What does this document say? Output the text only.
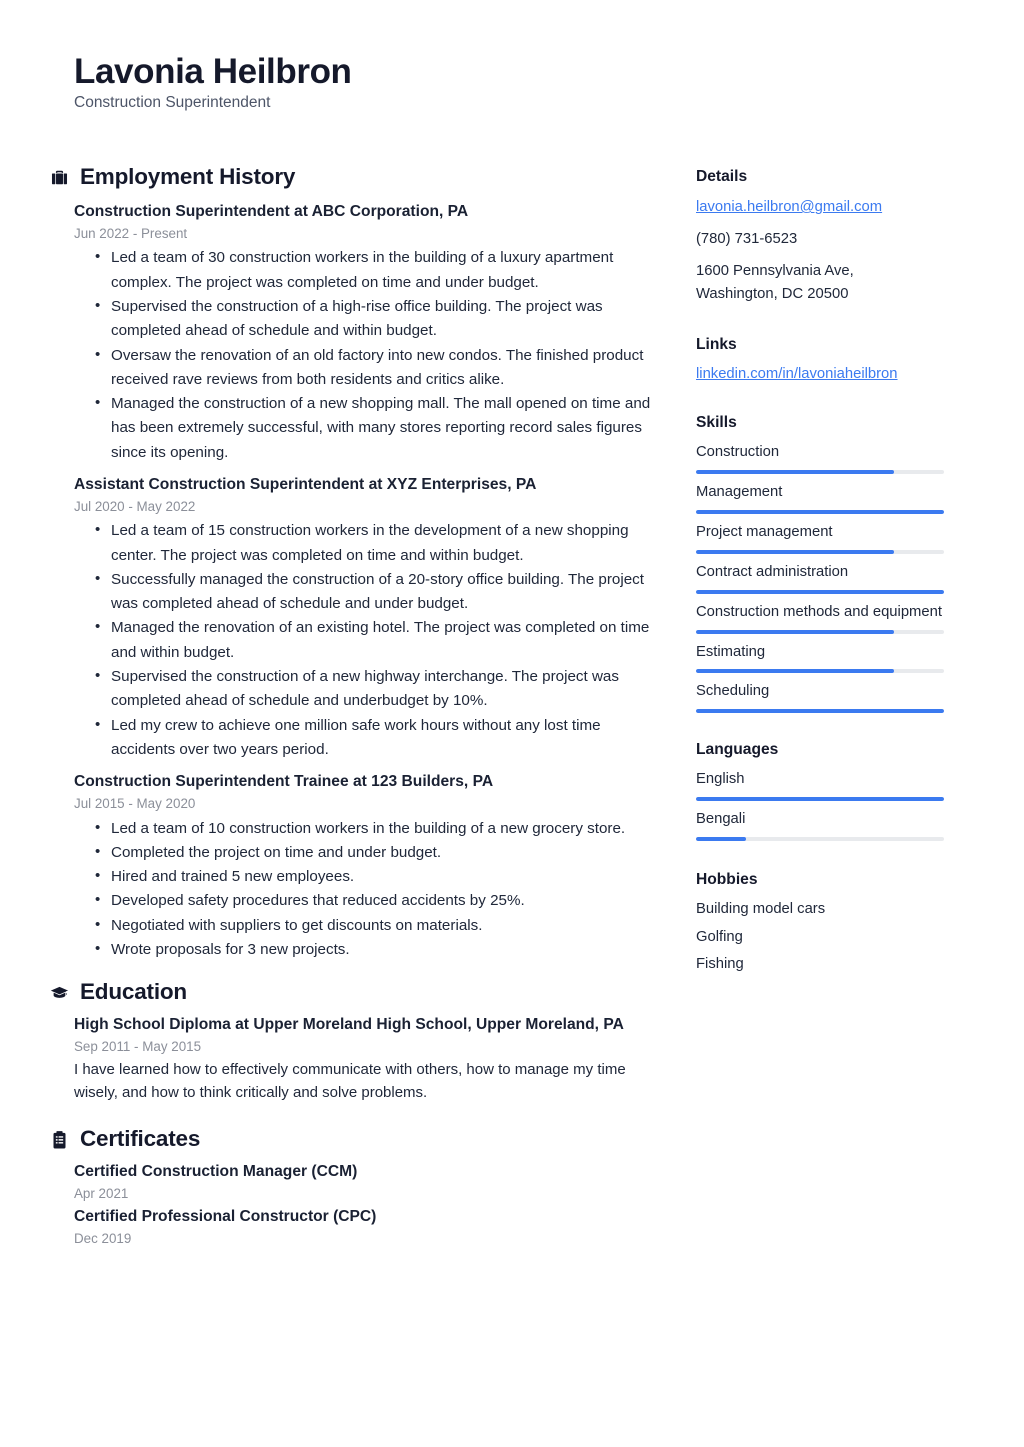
Lavonia Heilbron

Construction Superintendent

Employment History
Construction Superintendent at ABC Corporation, PA
Jun 2022 - Present
• Led a team of 30 construction workers in the building of a luxury apartment complex. The project was completed on time and under budget.
• Supervised the construction of a high-rise office building. The project was completed ahead of schedule and within budget.
• Oversaw the renovation of an old factory into new condos. The finished product received rave reviews from both residents and critics alike.
• Managed the construction of a new shopping mall. The mall opened on time and has been extremely successful, with many stores reporting record sales figures since its opening.
Assistant Construction Superintendent at XYZ Enterprises, PA
Jul 2020 - May 2022
• Led a team of 15 construction workers in the development of a new shopping center. The project was completed on time and within budget.
• Successfully managed the construction of a 20-story office building. The project was completed ahead of schedule and under budget.
• Managed the renovation of an existing hotel. The project was completed on time and within budget.
• Supervised the construction of a new highway interchange. The project was completed ahead of schedule and underbudget by 10%.
• Led my crew to achieve one million safe work hours without any lost time accidents over two years period.
Construction Superintendent Trainee at 123 Builders, PA
Jul 2015 - May 2020
• Led a team of 10 construction workers in the building of a new grocery store.
• Completed the project on time and under budget.
• Hired and trained 5 new employees.
• Developed safety procedures that reduced accidents by 25%.
• Negotiated with suppliers to get discounts on materials.
• Wrote proposals for 3 new projects.
Education
High School Diploma at Upper Moreland High School, Upper Moreland, PA
Sep 2011 - May 2015

I have learned how to effectively communicate with others, how to manage my time wisely, and how to think critically and solve problems.

Certificates
Certified Construction Manager (CCM)
Apr 2021
Certified Professional Constructor (CPC)
Dec 2019
Details
lavonia.heilbron@gmail.com
(780) 731-6523
1600 Pennsylvania Ave,
Washington, DC 20500
Links
linkedin.com/in/lavoniaheilbron
Skills
Construction
Management
Project management
Contract administration
Construction methods and equipment
Estimating
Scheduling
Languages
English
Bengali
Hobbies
Building model cars
Golfing
Fishing
